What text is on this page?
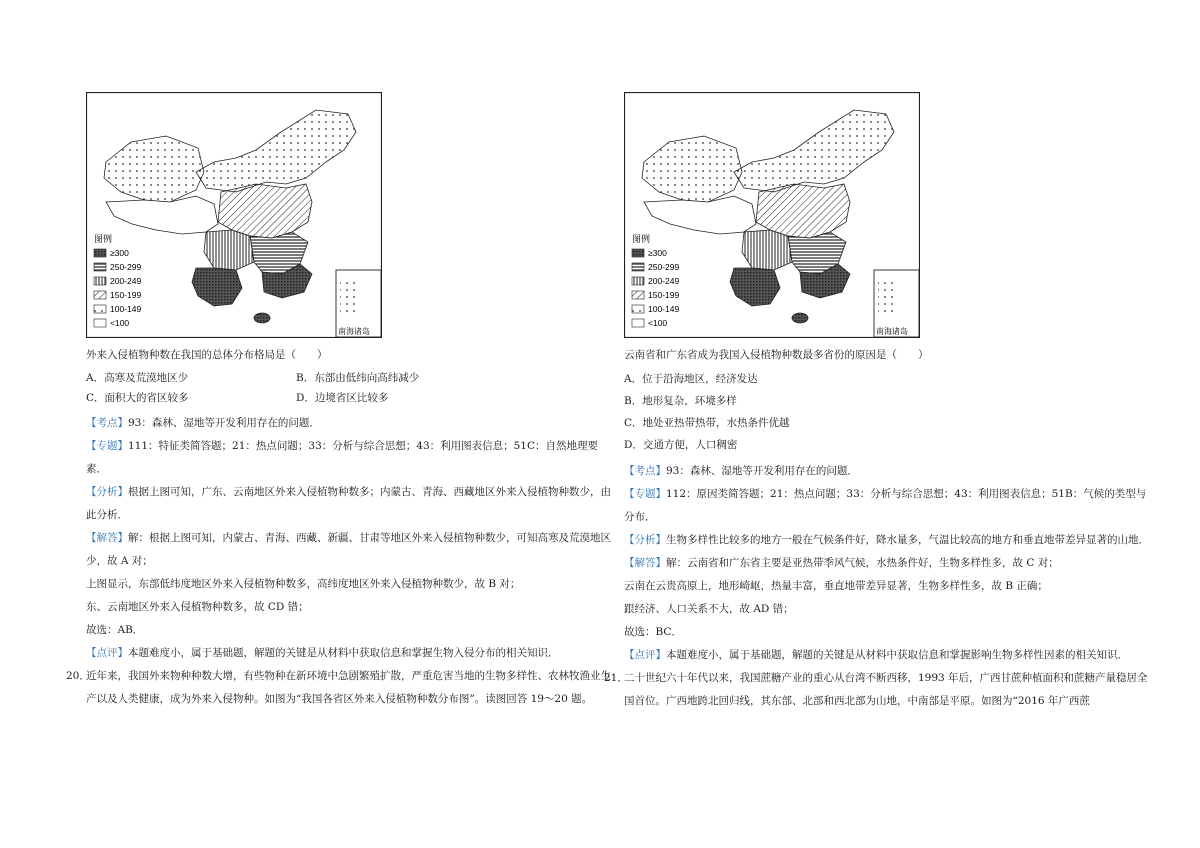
图例
≥300
250-299
200-249
150-199
100-149
<100
南海诸岛

外来入侵植物种数在我国的总体分布格局是（　　）

A．高寒及荒漠地区少	B．东部由低纬向高纬减少
C．面积大的省区较多	D．边境省区比较多

【考点】93：森林、湿地等开发利用存在的问题．

【专题】111：特征类简答题；21：热点问题；33：分析与综合思想；43：利用图表信息；51C：自然地理要素．

【分析】根据上图可知，广东、云南地区外来入侵植物种数多；内蒙古、青海、西藏地区外来入侵植物种数少，由此分析．

【解答】解：根据上图可知，内蒙古、青海、西藏、新疆、甘肃等地区外来入侵植物种数少，可知高寒及荒漠地区少，故 A 对；

上图显示，东部低纬度地区外来入侵植物种数多，高纬度地区外来入侵植物种数少，故 B 对；

东、云南地区外来入侵植物种数多，故 CD 错；

故选：AB．

【点评】本题难度小，属于基础题，解题的关键是从材料中获取信息和掌握生物入侵分布的相关知识．

20．
近年来，我国外来物种种数大增，有些物种在新环境中急剧繁殖扩散，严重危害当地的生物多样性、农林牧渔业生产以及人类健康，成为外来入侵物种。如图为“我国各省区外来入侵植物种数分布图”。读图回答 19～20 题。

图例
≥300
250-299
200-249
150-199
100-149
<100
南海诸岛

云南省和广东省成为我国入侵植物种数最多省份的原因是（　　）

A．位于沿海地区，经济发达
B．地形复杂，环境多样
C．地处亚热带热带，水热条件优越
D．交通方便，人口稠密

【考点】93：森林、湿地等开发利用存在的问题．

【专题】112：原因类简答题；21：热点问题；33：分析与综合思想；43：利用图表信息；51B：气候的类型与分布．

【分析】生物多样性比较多的地方一般在气候条件好，降水量多，气温比较高的地方和垂直地带差异显著的山地．

【解答】解：云南省和广东省主要是亚热带季风气候，水热条件好，生物多样性多，故 C 对；

云南在云贵高原上，地形崎岖，热量丰富，垂直地带差异显著，生物多样性多，故 B 正确；

跟经济、人口关系不大，故 AD 错；

故选：BC．

【点评】本题难度小，属于基础题，解题的关键是从材料中获取信息和掌握影响生物多样性因素的相关知识．

21．
二十世纪六十年代以来，我国蔗糖产业的重心从台湾不断西移，1993 年后，广西甘蔗种植面积和蔗糖产量稳居全国首位。广西地跨北回归线，其东部、北部和西北部为山地，中南部是平原。如图为“2016 年广西蔗
